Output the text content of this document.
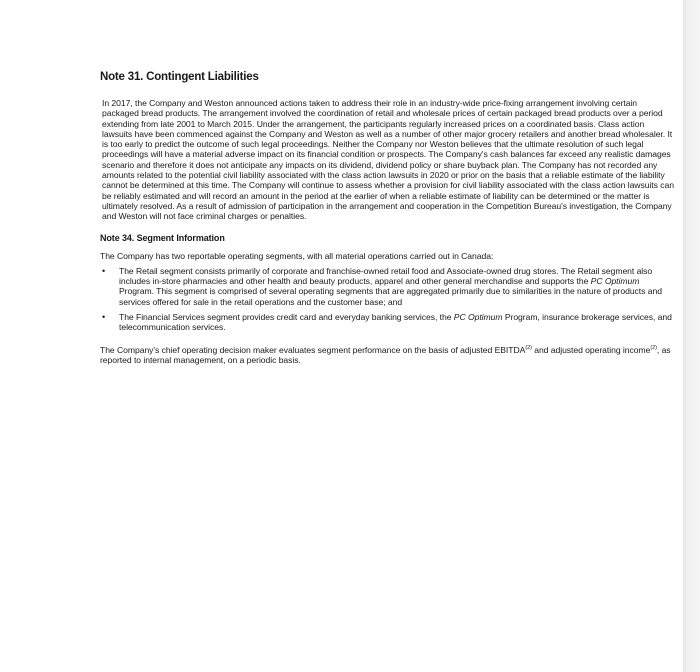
Note 31. Contingent Liabilities

In 2017, the Company and Weston announced actions taken to address their role in an industry-wide price-fixing arrangement involving certain packaged bread products. The arrangement involved the coordination of retail and wholesale prices of certain packaged bread products over a period extending from late 2001 to March 2015. Under the arrangement, the participants regularly increased prices on a coordinated basis. Class action lawsuits have been commenced against the Company and Weston as well as a number of other major grocery retailers and another bread wholesaler. It is too early to predict the outcome of such legal proceedings. Neither the Company nor Weston believes that the ultimate resolution of such legal proceedings will have a material adverse impact on its financial condition or prospects. The Company's cash balances far exceed any realistic damages scenario and therefore it does not anticipate any impacts on its dividend, dividend policy or share buyback plan. The Company has not recorded any amounts related to the potential civil liability associated with the class action lawsuits in 2020 or prior on the basis that a reliable estimate of the liability cannot be determined at this time. The Company will continue to assess whether a provision for civil liability associated with the class action lawsuits can be reliably estimated and will record an amount in the period at the earlier of when a reliable estimate of liability can be determined or the matter is ultimately resolved. As a result of admission of participation in the arrangement and cooperation in the Competition Bureau's investigation, the Company and Weston will not face criminal charges or penalties.

Note 34. Segment Information

The Company has two reportable operating segments, with all material operations carried out in Canada:

• The Retail segment consists primarily of corporate and franchise-owned retail food and Associate-owned drug stores. The Retail segment also includes in-store pharmacies and other health and beauty products, apparel and other general merchandise and supports the PC Optimum Program. This segment is comprised of several operating segments that are aggregated primarily due to similarities in the nature of products and services offered for sale in the retail operations and the customer base; and
• The Financial Services segment provides credit card and everyday banking services, the PC Optimum Program, insurance brokerage services, and telecommunication services.

The Company's chief operating decision maker evaluates segment performance on the basis of adjusted EBITDA$^{(2)}$ and adjusted operating income$^{(2)}$, as reported to internal management, on a periodic basis.
